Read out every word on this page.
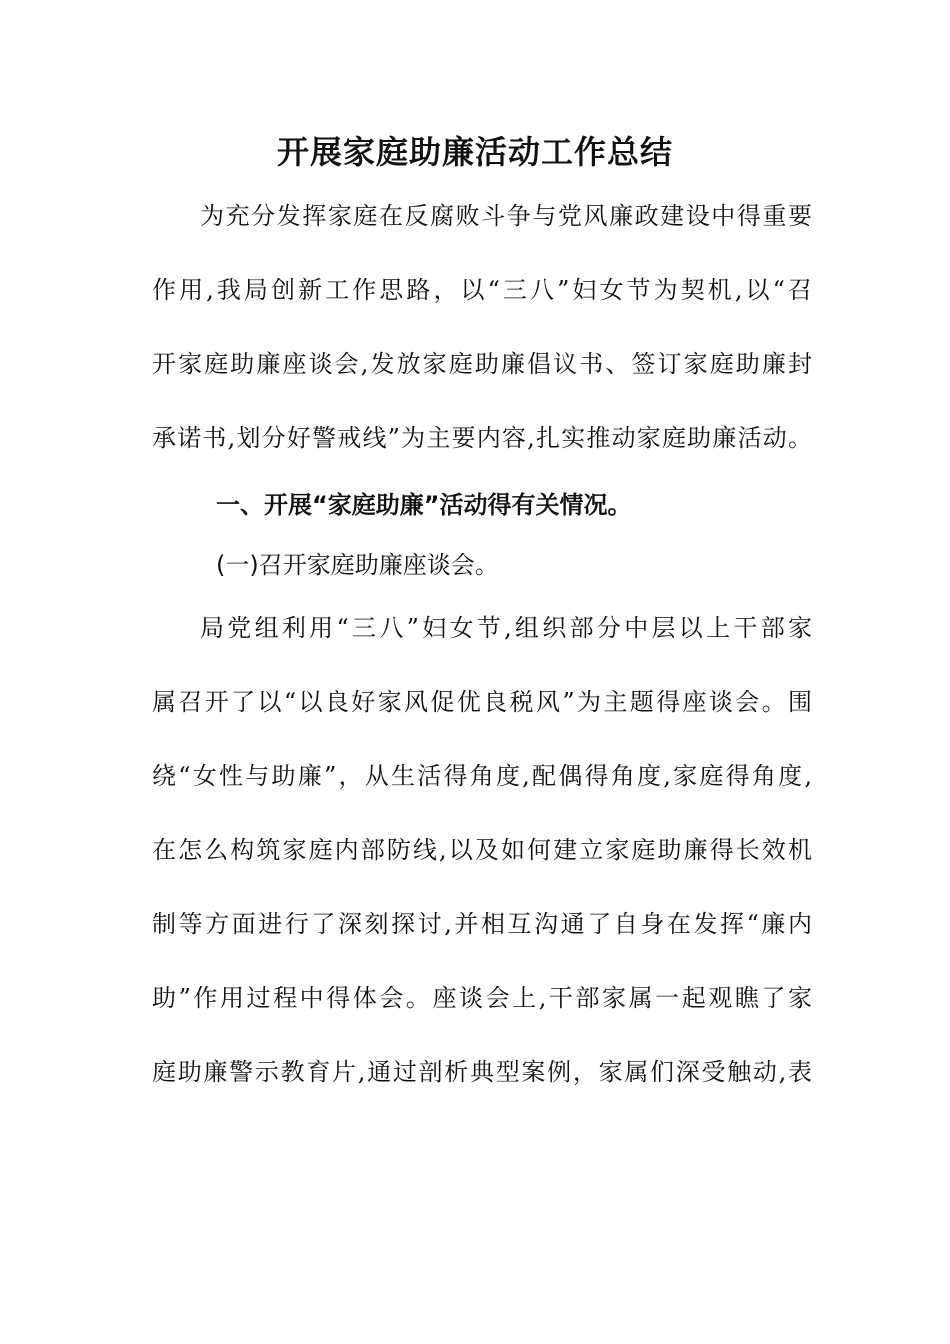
开展家庭助廉活动工作总结
为充分发挥家庭在反腐败斗争与党风廉政建设中得重要
作用,我局创新工作思路，以“三八”妇女节为契机,以“召
开家庭助廉座谈会,发放家庭助廉倡议书、签订家庭助廉封
承诺书,划分好警戒线”为主要内容,扎实推动家庭助廉活动。
一、开展“家庭助廉”活动得有关情况。
(一)召开家庭助廉座谈会。
局党组利用“三八”妇女节,组织部分中层以上干部家
属召开了以“以良好家风促优良税风”为主题得座谈会。围
绕“女性与助廉”，从生活得角度,配偶得角度,家庭得角度,
在怎么构筑家庭内部防线,以及如何建立家庭助廉得长效机
制等方面进行了深刻探讨,并相互沟通了自身在发挥“廉内
助”作用过程中得体会。座谈会上,干部家属一起观瞧了家
庭助廉警示教育片,通过剖析典型案例，家属们深受触动,表
